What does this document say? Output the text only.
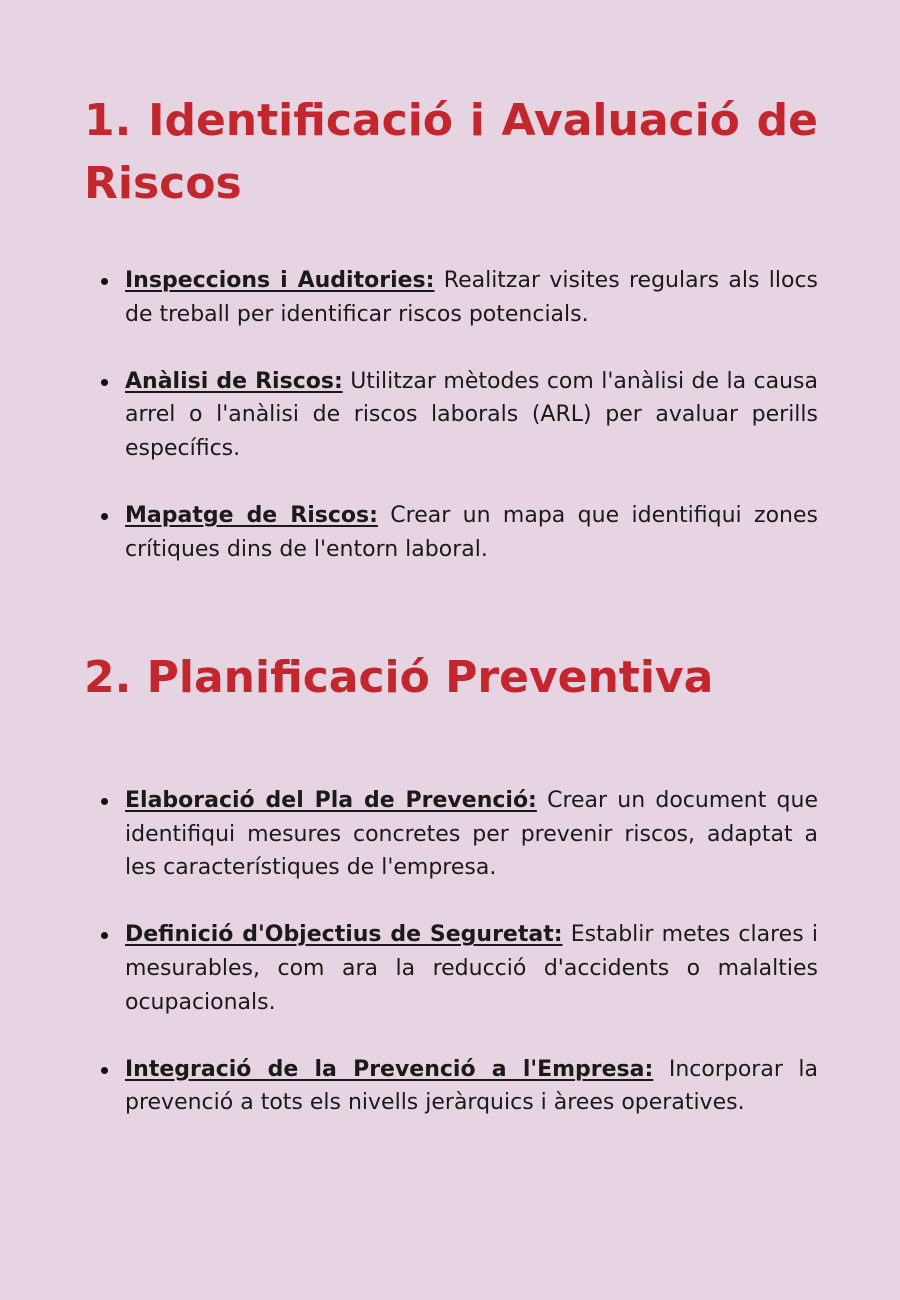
1. Identificació i Avaluació de Riscos
Inspeccions i Auditories: Realitzar visites regulars als llocs de treball per identificar riscos potencials.
Anàlisi de Riscos: Utilitzar mètodes com l'anàlisi de la causa arrel o l'anàlisi de riscos laborals (ARL) per avaluar perills específics.
Mapatge de Riscos: Crear un mapa que identifiqui zones crítiques dins de l'entorn laboral.
2. Planificació Preventiva
Elaboració del Pla de Prevenció: Crear un document que identifiqui mesures concretes per prevenir riscos, adaptat a les característiques de l'empresa.
Definició d'Objectius de Seguretat: Establir metes clares i mesurables, com ara la reducció d'accidents o malalties ocupacionals.
Integració de la Prevenció a l'Empresa: Incorporar la prevenció a tots els nivells jeràrquics i àrees operatives.
